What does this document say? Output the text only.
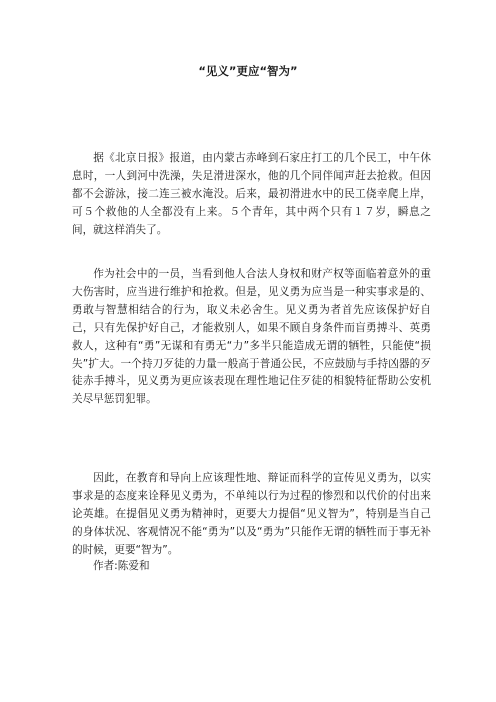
“见义”更应“智为”

据《北京日报》报道，由内蒙古赤峰到石家庄打工的几个民工，中午休息时，一人到河中洗澡，失足滑进深水，他的几个同伴闻声赶去抢救。但因都不会游泳，接二连三被水淹没。后来，最初滑进水中的民工侥幸爬上岸，可５个救他的人全都没有上来。５个青年，其中两个只有１７岁，瞬息之间，就这样消失了。

作为社会中的一员，当看到他人合法人身权和财产权等面临着意外的重大伤害时，应当进行维护和抢救。但是，见义勇为应当是一种实事求是的、勇敢与智慧相结合的行为，取义未必舍生。见义勇为者首先应该保护好自己，只有先保护好自己，才能救别人，如果不顾自身条件而盲勇搏斗、英勇救人，这种有“勇”无谋和有勇无“力”多半只能造成无谓的牺牲，只能使“损失”扩大。一个持刀歹徒的力量一般高于普通公民，不应鼓励与手持凶器的歹徒赤手搏斗，见义勇为更应该表现在理性地记住歹徒的相貌特征帮助公安机关尽早惩罚犯罪。

因此，在教育和导向上应该理性地、辩证而科学的宣传见义勇为，以实事求是的态度来诠释见义勇为，不单纯以行为过程的惨烈和以代价的付出来论英雄。在提倡见义勇为精神时，更要大力提倡“见义智为”，特别是当自己的身体状况、客观情况不能“勇为”以及“勇为”只能作无谓的牺牲而于事无补的时候，更要“智为”。

作者:陈爱和
